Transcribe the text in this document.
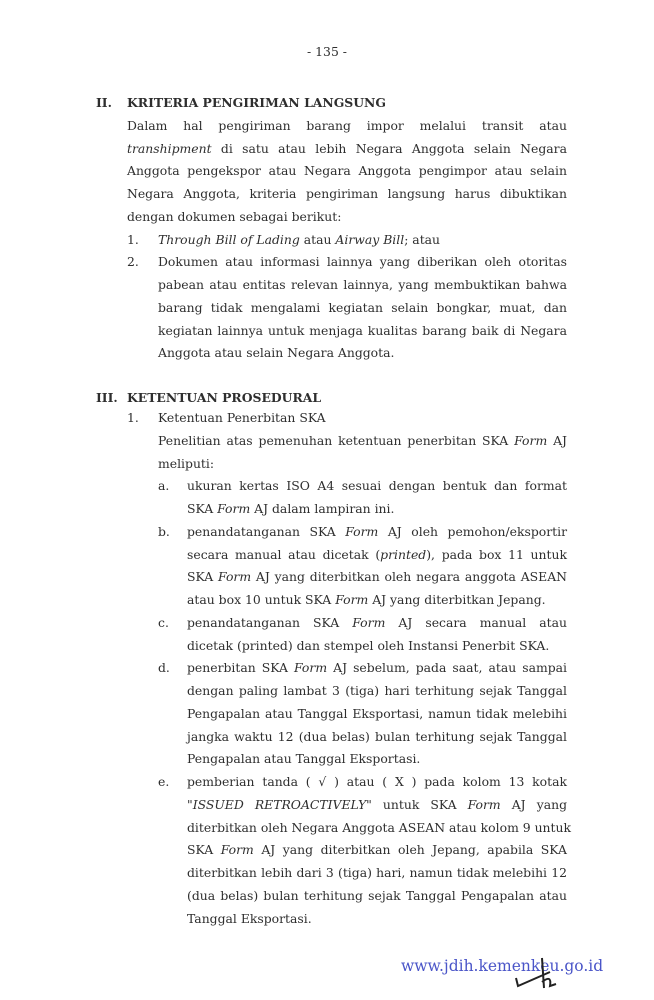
- 135 -
II. KRITERIA PENGIRIMAN LANGSUNG
Dalam hal pengiriman barang impor melalui transit atau
transhipment di satu atau lebih Negara Anggota selain Negara
Anggota pengekspor atau Negara Anggota pengimpor atau selain
Negara Anggota, kriteria pengiriman langsung harus dibuktikan
dengan dokumen sebagai berikut:
1. Through Bill of Lading atau Airway Bill; atau
2. Dokumen atau informasi lainnya yang diberikan oleh otoritas
pabean atau entitas relevan lainnya, yang membuktikan bahwa
barang tidak mengalami kegiatan selain bongkar, muat, dan
kegiatan lainnya untuk menjaga kualitas barang baik di Negara
Anggota atau selain Negara Anggota.
III. KETENTUAN PROSEDURAL
1. Ketentuan Penerbitan SKA
Penelitian atas pemenuhan ketentuan penerbitan SKA Form AJ
meliputi:
a. ukuran kertas ISO A4 sesuai dengan bentuk dan format
SKA Form AJ dalam lampiran ini.
b. penandatanganan SKA Form AJ oleh pemohon/eksportir
secara manual atau dicetak (printed), pada box 11 untuk
SKA Form AJ yang diterbitkan oleh negara anggota ASEAN
atau box 10 untuk SKA Form AJ yang diterbitkan Jepang.
c. penandatanganan SKA Form AJ secara manual atau
dicetak (printed) dan stempel oleh Instansi Penerbit SKA.
d. penerbitan SKA Form AJ sebelum, pada saat, atau sampai
dengan paling lambat 3 (tiga) hari terhitung sejak Tanggal
Pengapalan atau Tanggal Eksportasi, namun tidak melebihi
jangka waktu 12 (dua belas) bulan terhitung sejak Tanggal
Pengapalan atau Tanggal Eksportasi.
e. pemberian tanda ( √ ) atau ( X ) pada kolom 13 kotak
"ISSUED RETROACTIVELY" untuk SKA Form AJ yang
diterbitkan oleh Negara Anggota ASEAN atau kolom 9 untuk
SKA Form AJ yang diterbitkan oleh Jepang, apabila SKA
diterbitkan lebih dari 3 (tiga) hari, namun tidak melebihi 12
(dua belas) bulan terhitung sejak Tanggal Pengapalan atau
Tanggal Eksportasi.
www.jdih.kemenkeu.go.id
